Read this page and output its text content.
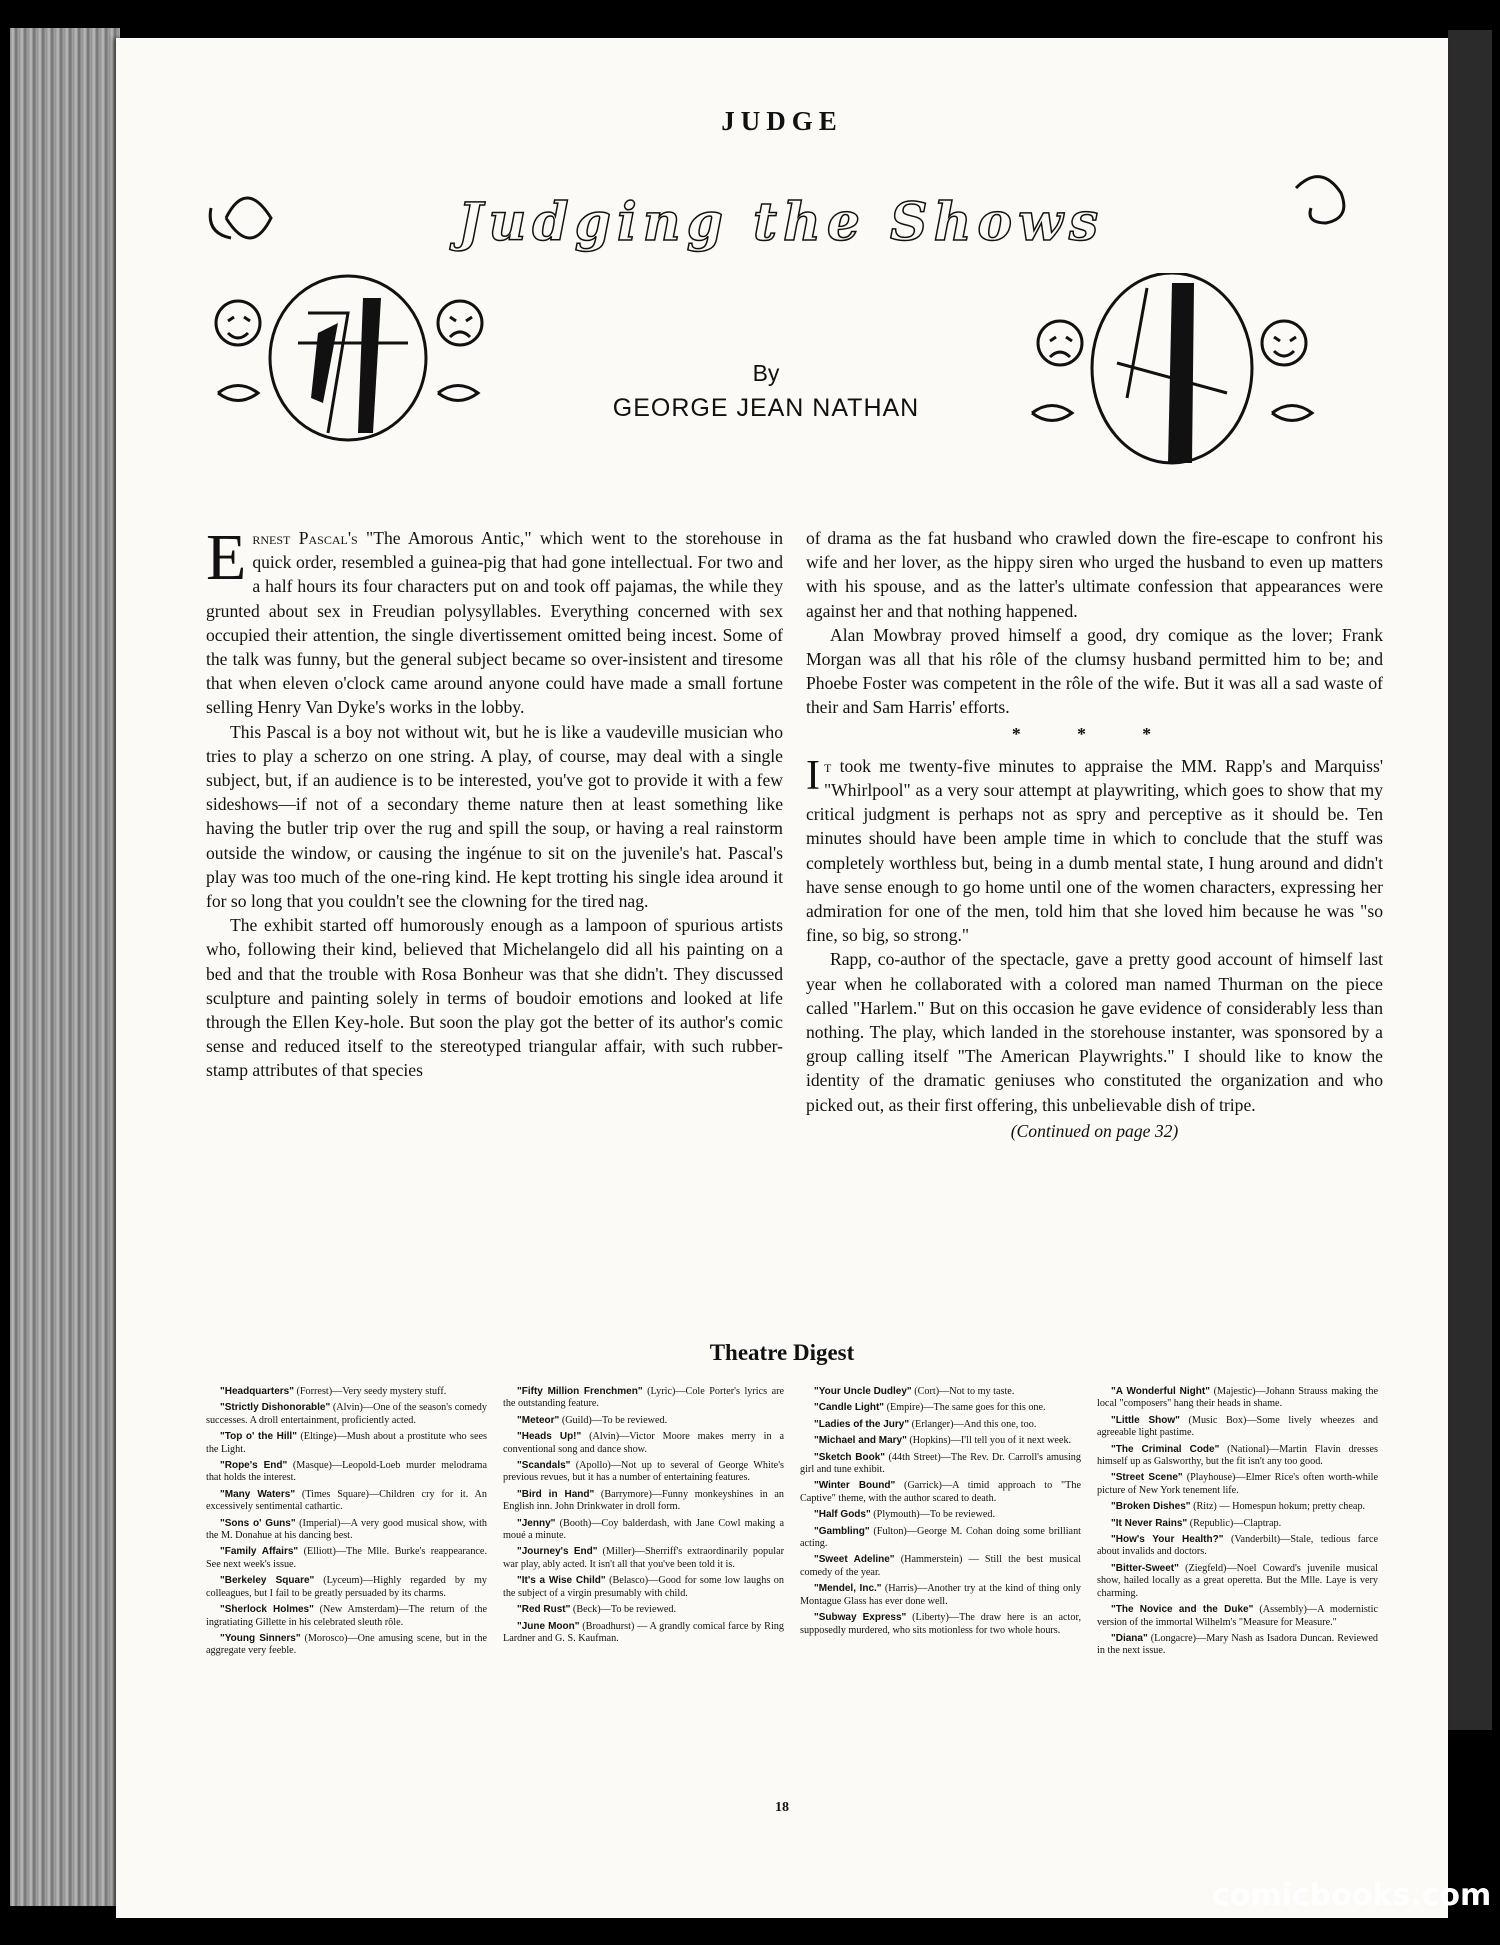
JUDGE
Judging the Shows
By
GEORGE JEAN NATHAN

Ernest Pascal's "The Amorous Antic," which went to the storehouse in quick order, resembled a guinea-pig that had gone intellectual. For two and a half hours its four characters put on and took off pajamas, the while they grunted about sex in Freudian polysyllables. Everything concerned with sex occupied their attention, the single divertissement omitted being incest. Some of the talk was funny, but the general subject became so over-insistent and tiresome that when eleven o'clock came around anyone could have made a small fortune selling Henry Van Dyke's works in the lobby.

This Pascal is a boy not without wit, but he is like a vaudeville musician who tries to play a scherzo on one string. A play, of course, may deal with a single subject, but, if an audience is to be interested, you've got to provide it with a few sideshows—if not of a secondary theme nature then at least something like having the butler trip over the rug and spill the soup, or having a real rainstorm outside the window, or causing the ingénue to sit on the juvenile's hat. Pascal's play was too much of the one-ring kind. He kept trotting his single idea around it for so long that you couldn't see the clowning for the tired nag.

The exhibit started off humorously enough as a lampoon of spurious artists who, following their kind, believed that Michelangelo did all his painting on a bed and that the trouble with Rosa Bonheur was that she didn't. They discussed sculpture and painting solely in terms of boudoir emotions and looked at life through the Ellen Key-hole. But soon the play got the better of its author's comic sense and reduced itself to the stereotyped triangular affair, with such rubber-stamp attributes of that species

of drama as the fat husband who crawled down the fire-escape to confront his wife and her lover, as the hippy siren who urged the husband to even up matters with his spouse, and as the latter's ultimate confession that appearances were against her and that nothing happened.

Alan Mowbray proved himself a good, dry comique as the lover; Frank Morgan was all that his rôle of the clumsy husband permitted him to be; and Phoebe Foster was competent in the rôle of the wife. But it was all a sad waste of their and Sam Harris' efforts.

* * *

It took me twenty-five minutes to appraise the MM. Rapp's and Marquiss' "Whirlpool" as a very sour attempt at playwriting, which goes to show that my critical judgment is perhaps not as spry and perceptive as it should be. Ten minutes should have been ample time in which to conclude that the stuff was completely worthless but, being in a dumb mental state, I hung around and didn't have sense enough to go home until one of the women characters, expressing her admiration for one of the men, told him that she loved him because he was "so fine, so big, so strong."

Rapp, co-author of the spectacle, gave a pretty good account of himself last year when he collaborated with a colored man named Thurman on the piece called "Harlem." But on this occasion he gave evidence of considerably less than nothing. The play, which landed in the storehouse instanter, was sponsored by a group calling itself "The American Playwrights." I should like to know the identity of the dramatic geniuses who constituted the organization and who picked out, as their first offering, this unbelievable dish of tripe.

(Continued on page 32)
Theatre Digest

"Headquarters" (Forrest)—Very seedy mystery stuff.

"Strictly Dishonorable" (Alvin)—One of the season's comedy successes. A droll entertainment, proficiently acted.

"Top o' the Hill" (Eltinge)—Mush about a prostitute who sees the Light.

"Rope's End" (Masque)—Leopold-Loeb murder melodrama that holds the interest.

"Many Waters" (Times Square)—Children cry for it. An excessively sentimental cathartic.

"Sons o' Guns" (Imperial)—A very good musical show, with the M. Donahue at his dancing best.

"Family Affairs" (Elliott)—The Mlle. Burke's reappearance. See next week's issue.

"Berkeley Square" (Lyceum)—Highly regarded by my colleagues, but I fail to be greatly persuaded by its charms.

"Sherlock Holmes" (New Amsterdam)—The return of the ingratiating Gillette in his celebrated sleuth rôle.

"Young Sinners" (Morosco)—One amusing scene, but in the aggregate very feeble.

"Fifty Million Frenchmen" (Lyric)—Cole Porter's lyrics are the outstanding feature.

"Meteor" (Guild)—To be reviewed.

"Heads Up!" (Alvin)—Victor Moore makes merry in a conventional song and dance show.

"Scandals" (Apollo)—Not up to several of George White's previous revues, but it has a number of entertaining features.

"Bird in Hand" (Barrymore)—Funny monkeyshines in an English inn. John Drinkwater in droll form.

"Jenny" (Booth)—Coy balderdash, with Jane Cowl making a moué a minute.

"Journey's End" (Miller)—Sherriff's extraordinarily popular war play, ably acted. It isn't all that you've been told it is.

"It's a Wise Child" (Belasco)—Good for some low laughs on the subject of a virgin presumably with child.

"Red Rust" (Beck)—To be reviewed.

"June Moon" (Broadhurst) — A grandly comical farce by Ring Lardner and G. S. Kaufman.

"Your Uncle Dudley" (Cort)—Not to my taste.

"Candle Light" (Empire)—The same goes for this one.

"Ladies of the Jury" (Erlanger)—And this one, too.

"Michael and Mary" (Hopkins)—I'll tell you of it next week.

"Sketch Book" (44th Street)—The Rev. Dr. Carroll's amusing girl and tune exhibit.

"Winter Bound" (Garrick)—A timid approach to "The Captive" theme, with the author scared to death.

"Half Gods" (Plymouth)—To be reviewed.

"Gambling" (Fulton)—George M. Cohan doing some brilliant acting.

"Sweet Adeline" (Hammerstein) — Still the best musical comedy of the year.

"Mendel, Inc." (Harris)—Another try at the kind of thing only Montague Glass has ever done well.

"Subway Express" (Liberty)—The draw here is an actor, supposedly murdered, who sits motionless for two whole hours.

"A Wonderful Night" (Majestic)—Johann Strauss making the local "composers" hang their heads in shame.

"Little Show" (Music Box)—Some lively wheezes and agreeable light pastime.

"The Criminal Code" (National)—Martin Flavin dresses himself up as Galsworthy, but the fit isn't any too good.

"Street Scene" (Playhouse)—Elmer Rice's often worth-while picture of New York tenement life.

"Broken Dishes" (Ritz) — Homespun hokum; pretty cheap.

"It Never Rains" (Republic)—Claptrap.

"How's Your Health?" (Vanderbilt)—Stale, tedious farce about invalids and doctors.

"Bitter-Sweet" (Ziegfeld)—Noel Coward's juvenile musical show, hailed locally as a great operetta. But the Mlle. Laye is very charming.

"The Novice and the Duke" (Assembly)—A modernistic version of the immortal Wilhelm's "Measure for Measure."

"Diana" (Longacre)—Mary Nash as Isadora Duncan. Reviewed in the next issue.

18
comicbooks.com
